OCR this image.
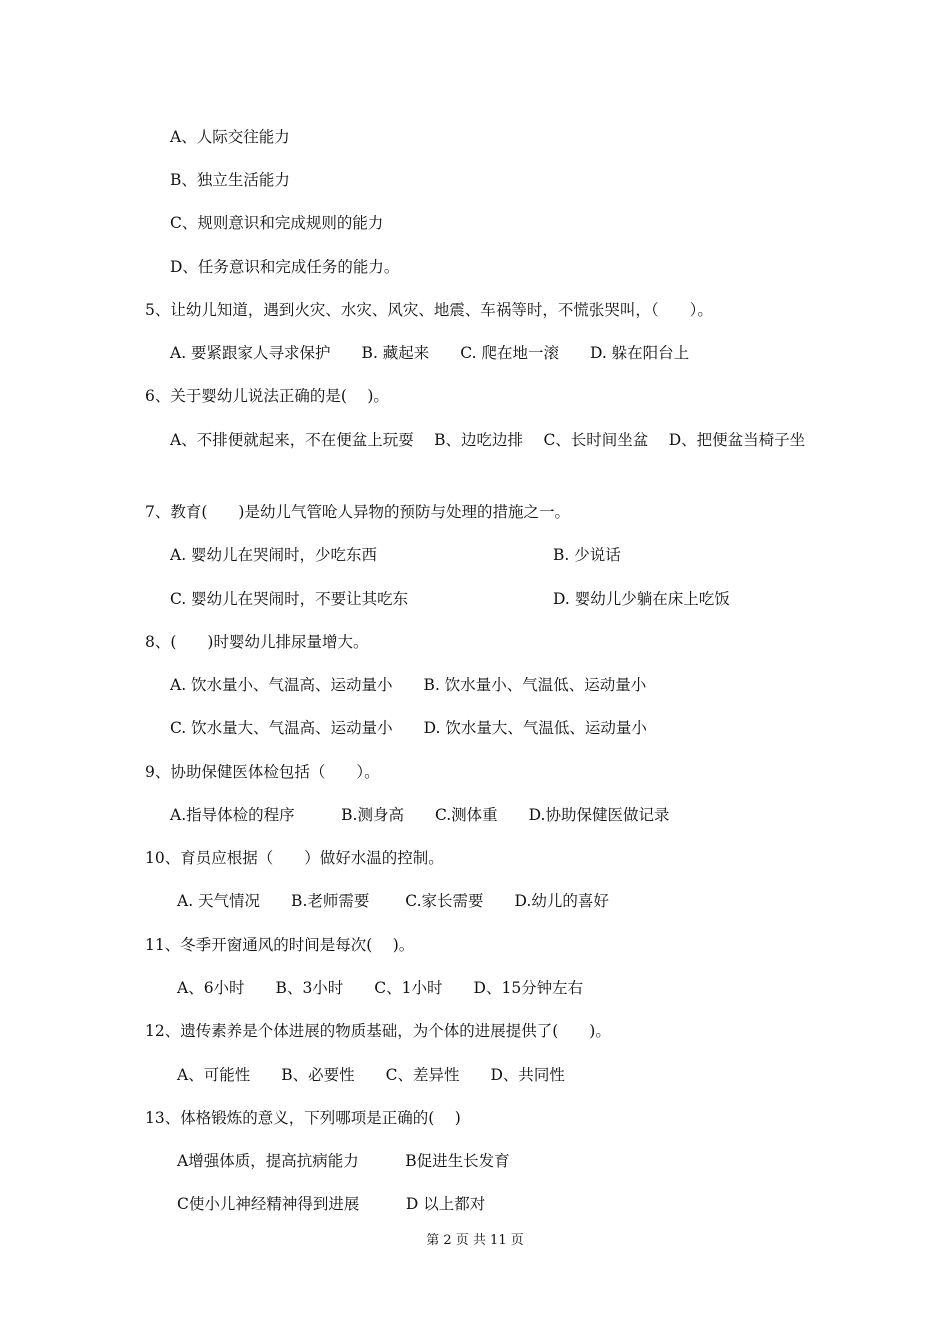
A、人际交往能力
B、独立生活能力
C、规则意识和完成规则的能力
D、任务意识和完成任务的能力。
5、让幼儿知道，遇到火灾、水灾、风灾、地震、车祸等时，不慌张哭叫，（　　）。
A. 要紧跟家人寻求保护　　B. 藏起来　　C. 爬在地一滚　　D. 躲在阳台上
6、关于婴幼儿说法正确的是(　 )。
A、不排便就起来，不在便盆上玩耍　 B、边吃边排　 C、长时间坐盆　 D、把便盆当椅子坐
7、教育(　　)是幼儿气管呛人异物的预防与处理的措施之一。
A. 婴幼儿在哭闹时，少吃东西	B. 少说话
C. 婴幼儿在哭闹时，不要让其吃东	D. 婴幼儿少躺在床上吃饭
8、(　　)时婴幼儿排尿量增大。
A. 饮水量小、气温高、运动量小　　B. 饮水量小、气温低、运动量小
C. 饮水量大、气温高、运动量小　　D. 饮水量大、气温低、运动量小
9、协助保健医体检包括（　　）。
A.指导体检的程序　　　B.测身高　　C.测体重　　D.协助保健医做记录
10、育员应根据（　　）做好水温的控制。
A. 天气情况　　B.老师需要　　 C.家长需要　　D.幼儿的喜好
11、冬季开窗通风的时间是每次(　 )。
A、6小时　　B、3小时　　C、1小时　　D、15分钟左右
12、遗传素养是个体进展的物质基础，为个体的进展提供了(　　)。
A、可能性　　B、必要性　　C、差异性　　D、共同性
13、体格锻炼的意义，下列哪项是正确的(　 )
A增强体质，提高抗病能力　　　B促进生长发育
C使小儿神经精神得到进展　　　D 以上都对
第 2 页 共 11 页
